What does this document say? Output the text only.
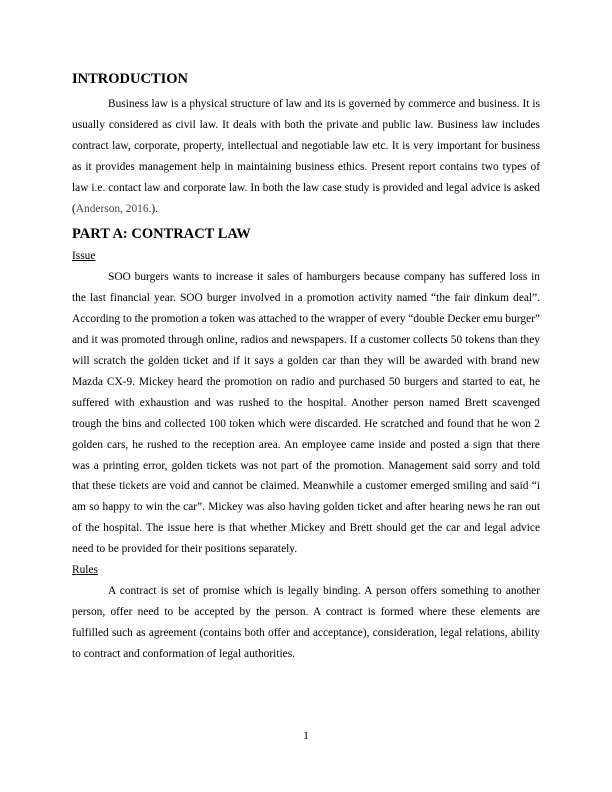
INTRODUCTION

Business law is a physical structure of law and its is governed by commerce and business. It is usually considered as civil law. It deals with both the private and public law. Business law includes contract law, corporate, property, intellectual and negotiable law etc. It is very important for business as it provides management help in maintaining business ethics. Present report contains two types of law i.e. contact law and corporate law. In both the law case study is provided and legal advice is asked (Anderson, 2016.).

PART A: CONTRACT LAW
Issue

SOO burgers wants to increase it sales of hamburgers because company has suffered loss in the last financial year. SOO burger involved in a promotion activity named “the fair dinkum deal”. According to the promotion a token was attached to the wrapper of every “double Decker emu burger” and it was promoted through online, radios and newspapers. If a customer collects 50 tokens than they will scratch the golden ticket and if it says a golden car than they will be awarded with brand new Mazda CX-9. Mickey heard the promotion on radio and purchased 50 burgers and started to eat, he suffered with exhaustion and was rushed to the hospital. Another person named Brett scavenged trough the bins and collected 100 token which were discarded. He scratched and found that he won 2 golden cars, he rushed to the reception area. An employee came inside and posted a sign that there was a printing error, golden tickets was not part of the promotion. Management said sorry and told that these tickets are void and cannot be claimed. Meanwhile a customer emerged smiling and said “i am so happy to win the car”. Mickey was also having golden ticket and after hearing news he ran out of the hospital. The issue here is that whether Mickey and Brett should get the car and legal advice need to be provided for their positions separately.

Rules

A contract is set of promise which is legally binding. A person offers something to another person, offer need to be accepted by the person. A contract is formed where these elements are fulfilled such as agreement (contains both offer and acceptance), consideration, legal relations, ability to contract and conformation of legal authorities.

1
